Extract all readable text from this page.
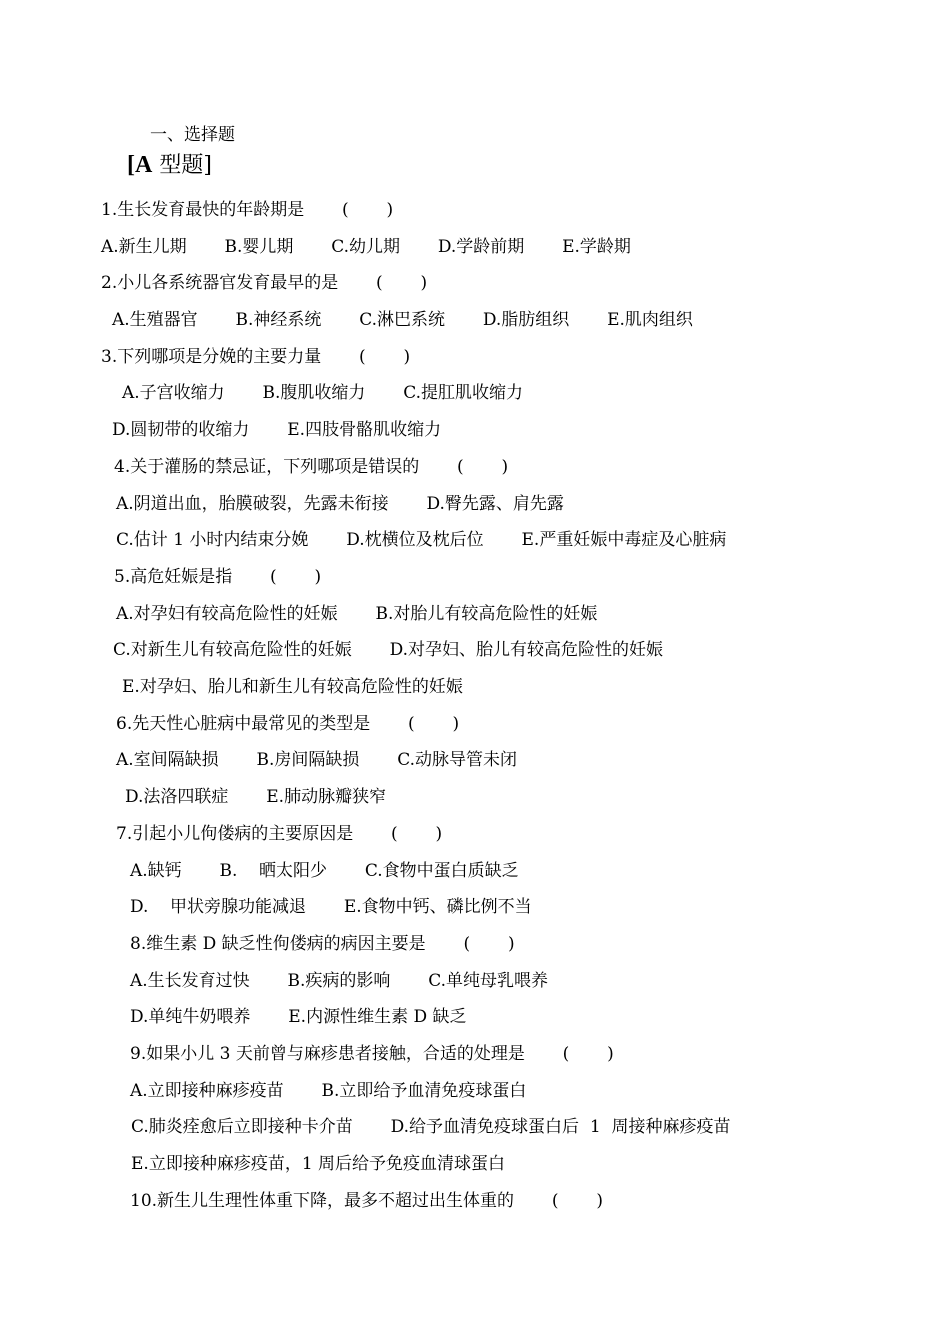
一、选择题
[A 型题]
1.生长发育最快的年龄期是       (       )
A.新生儿期       B.婴儿期       C.幼儿期       D.学龄前期       E.学龄期
2.小儿各系统器官发育最早的是       (       )
A.生殖器官       B.神经系统       C.淋巴系统       D.脂肪组织       E.肌肉组织
3.下列哪项是分娩的主要力量       (       )
A.子宫收缩力       B.腹肌收缩力       C.提肛肌收缩力
D.圆韧带的收缩力       E.四肢骨骼肌收缩力
4.关于灌肠的禁忌证，下列哪项是错误的       (       )
A.阴道出血，胎膜破裂，先露未衔接       D.臀先露、肩先露
C.估计 1 小时内结束分娩       D.枕横位及枕后位       E.严重妊娠中毒症及心脏病
5.高危妊娠是指       (       )
A.对孕妇有较高危险性的妊娠       B.对胎儿有较高危险性的妊娠
C.对新生儿有较高危险性的妊娠       D.对孕妇、胎儿有较高危险性的妊娠
E.对孕妇、胎儿和新生儿有较高危险性的妊娠
6.先天性心脏病中最常见的类型是       (       )
A.室间隔缺损       B.房间隔缺损       C.动脉导管未闭
D.法洛四联症       E.肺动脉瓣狭窄
7.引起小儿佝偻病的主要原因是       (       )
A.缺钙       B.    晒太阳少       C.食物中蛋白质缺乏
D.    甲状旁腺功能减退       E.食物中钙、磷比例不当
8.维生素 D 缺乏性佝偻病的病因主要是       (       )
A.生长发育过快       B.疾病的影响       C.单纯母乳喂养
D.单纯牛奶喂养       E.内源性维生素 D 缺乏
9.如果小儿 3 天前曾与麻疹患者接触，合适的处理是       (       )
A.立即接种麻疹疫苗       B.立即给予血清免疫球蛋白
C.肺炎痊愈后立即接种卡介苗       D.给予血清免疫球蛋白后  1  周接种麻疹疫苗
E.立即接种麻疹疫苗，1 周后给予免疫血清球蛋白
10.新生儿生理性体重下降，最多不超过出生体重的       (       )
